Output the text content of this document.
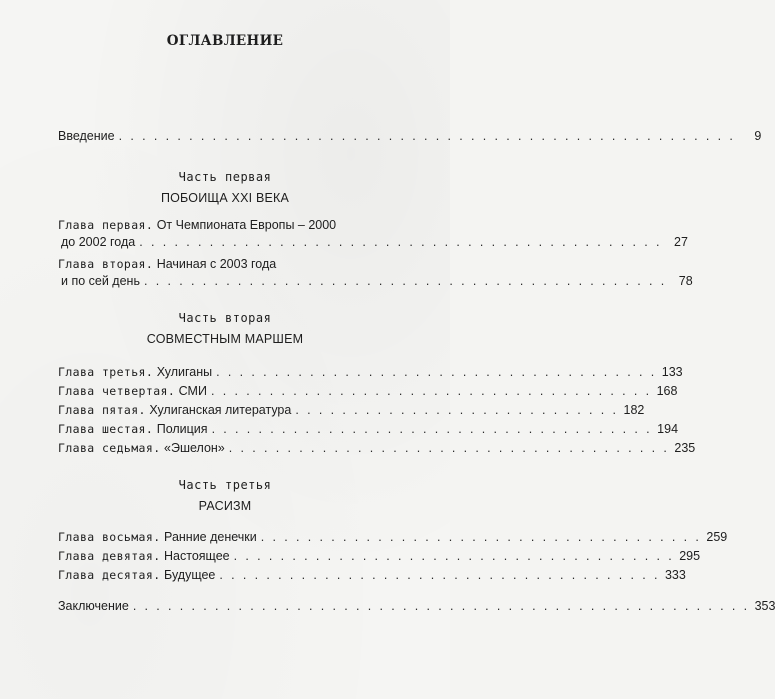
ОГЛАВЛЕНИЕ
Введение . . . . . . . . . . . . . . . . . . . . . . . . . . . . . . . . . . . . . . . . . . . . . . . . . . . . .	9
Часть первая
ПОБОИЩА XXI ВЕКА
Глава первая. От Чемпионата Европы – 2000
до 2002 года . . . . . . . . . . . . . . . . . . . . . . . . . . . . . . . . . . . . . . . . . . . . . 27
Глава вторая. Начиная с 2003 года
и по сей день . . . . . . . . . . . . . . . . . . . . . . . . . . . . . . . . . . . . . . . . . . . . . 78
Часть вторая
СОВМЕСТНЫМ МАРШЕМ
Глава третья. Хулиганы . . . . . . . . . . . . . . . . . . . . . . . . . . . . . . . . . . . . . . 133
Глава четвертая. СМИ . . . . . . . . . . . . . . . . . . . . . . . . . . . . . . . . . . . . . . 168
Глава пятая. Хулиганская литература . . . . . . . . . . . . . . . . . . . . . . . . . . . . 182
Глава шестая. Полиция . . . . . . . . . . . . . . . . . . . . . . . . . . . . . . . . . . . . . . 194
Глава седьмая. «Эшелон» . . . . . . . . . . . . . . . . . . . . . . . . . . . . . . . . . . . . . . 235
Часть третья
РАСИЗМ
Глава восьмая. Ранние денечки . . . . . . . . . . . . . . . . . . . . . . . . . . . . . . . . . . . . . . 259
Глава девятая. Настоящее . . . . . . . . . . . . . . . . . . . . . . . . . . . . . . . . . . . . . . 295
Глава десятая. Будущее . . . . . . . . . . . . . . . . . . . . . . . . . . . . . . . . . . . . . . 333
Заключение . . . . . . . . . . . . . . . . . . . . . . . . . . . . . . . . . . . . . . . . . . . . . . . . . . . . . 353
